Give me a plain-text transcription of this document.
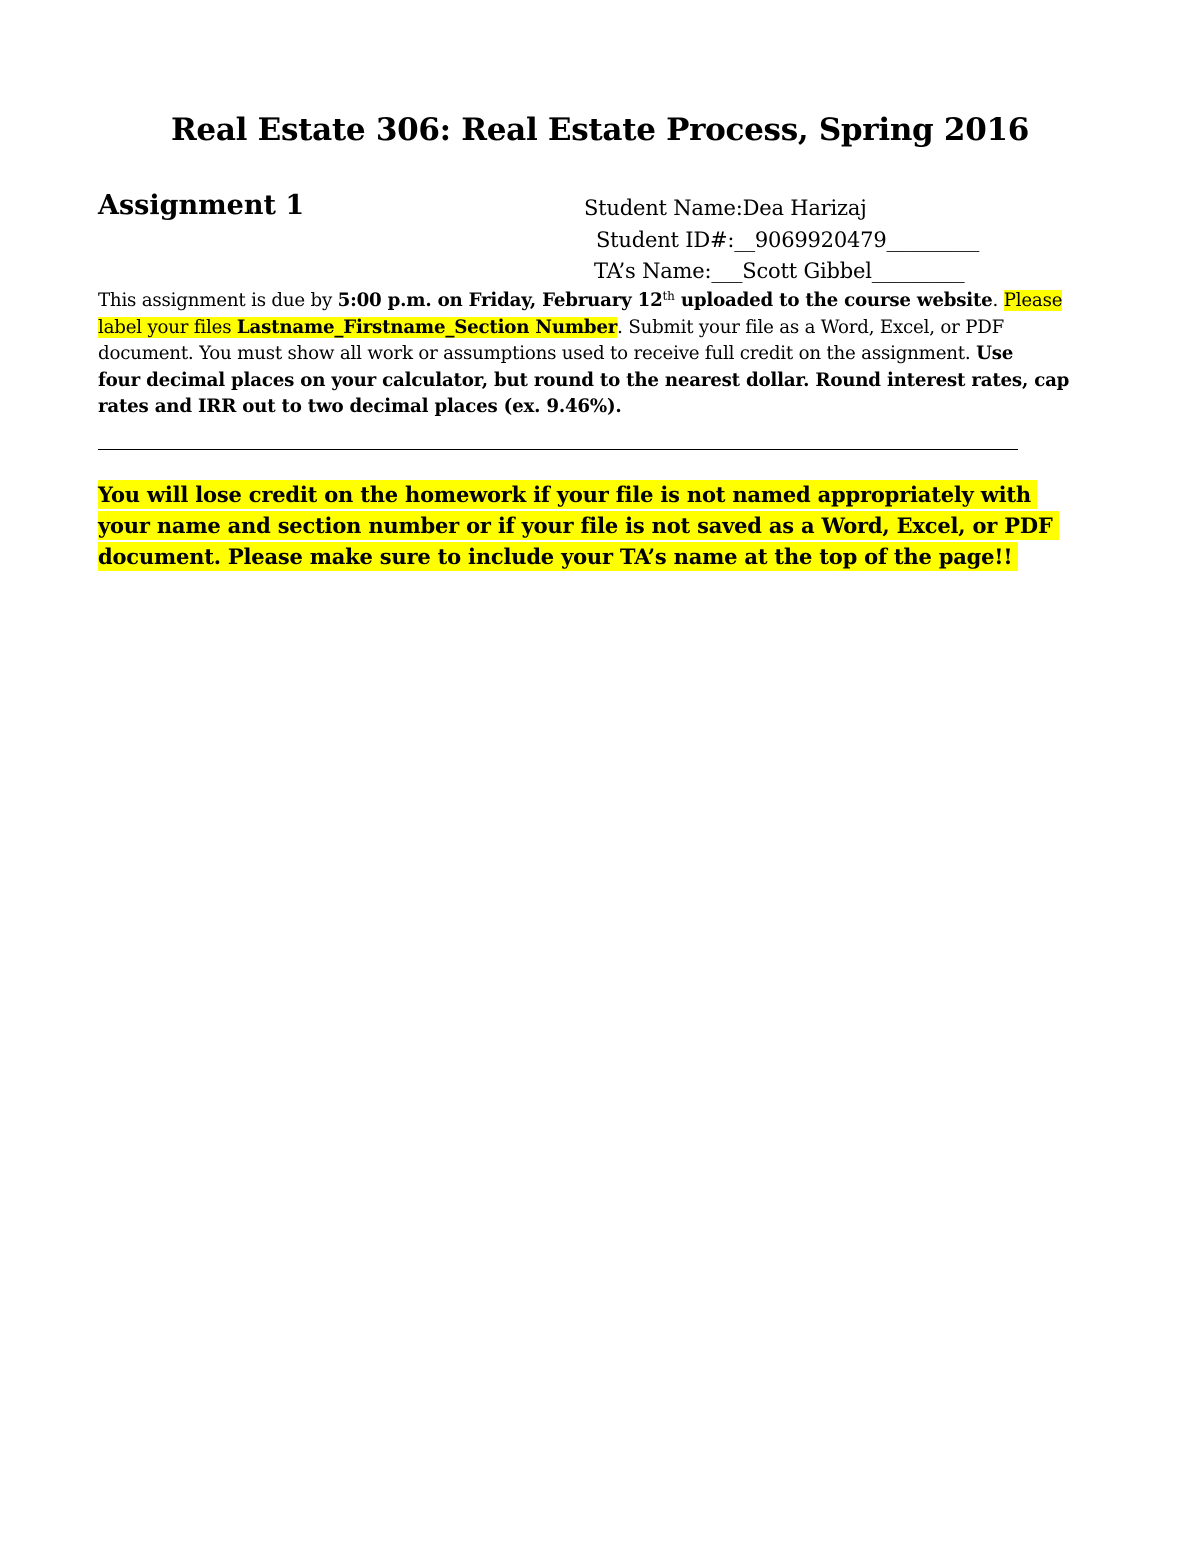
Real Estate 306: Real Estate Process, Spring 2016
Assignment 1	Student Name:Dea Harizaj
Student ID#:__9069920479_________
TA’s Name:___Scott Gibbel_________
This assignment is due by 5:00 p.m. on Friday, February 12th uploaded to the course website. Please
label your files Lastname_Firstname_Section Number. Submit your file as a Word, Excel, or PDF
document. You must show all work or assumptions used to receive full credit on the assignment. Use
four decimal places on your calculator, but round to the nearest dollar. Round interest rates, cap
rates and IRR out to two decimal places (ex. 9.46%).
You will lose credit on the homework if your file is not named appropriately with
your name and section number or if your file is not saved as a Word, Excel, or PDF
document. Please make sure to include your TA’s name at the top of the page!!
